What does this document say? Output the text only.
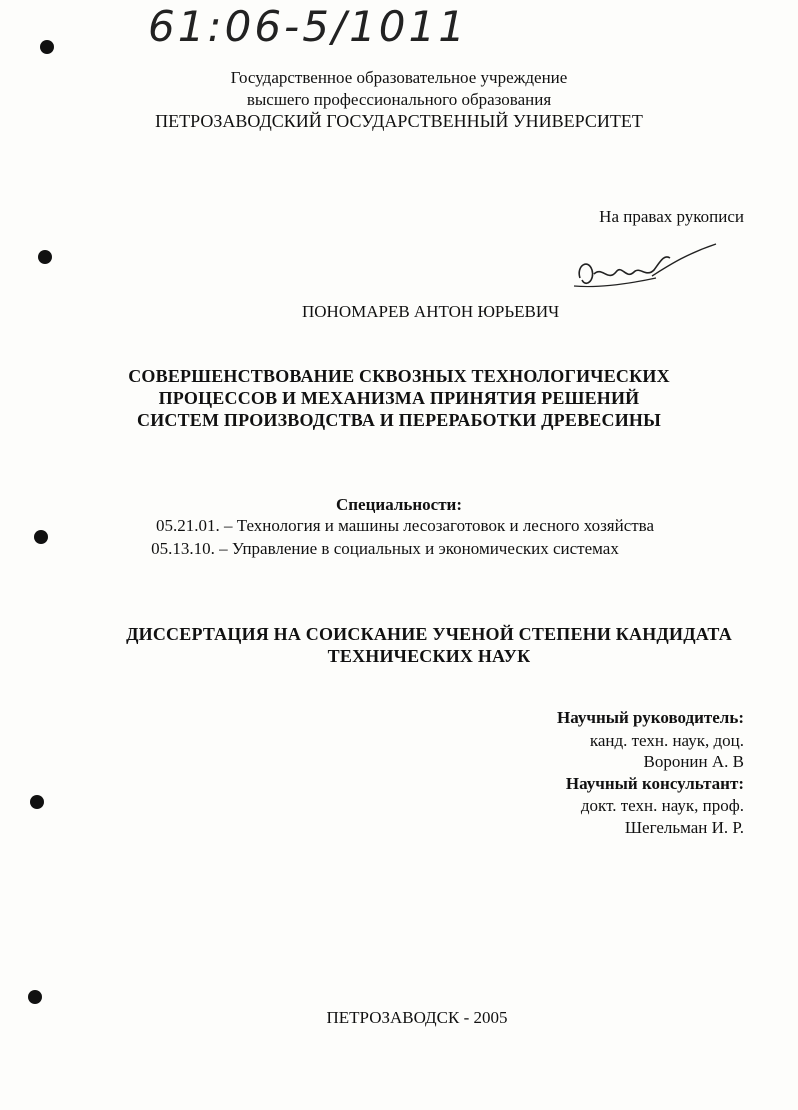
61:06-5/1011
Государственное образовательное учреждение
высшего профессионального образования
ПЕТРОЗАВОДСКИЙ ГОСУДАРСТВЕННЫЙ УНИВЕРСИТЕТ
На правах рукописи
ПОНОМАРЕВ АНТОН ЮРЬЕВИЧ
СОВЕРШЕНСТВОВАНИЕ СКВОЗНЫХ ТЕХНОЛОГИЧЕСКИХ
ПРОЦЕССОВ И МЕХАНИЗМА ПРИНЯТИЯ РЕШЕНИЙ
СИСТЕМ ПРОИЗВОДСТВА И ПЕРЕРАБОТКИ ДРЕВЕСИНЫ
Специальности:
05.21.01. – Технология и машины лесозаготовок и лесного хозяйства
05.13.10. – Управление в социальных и экономических системах
ДИССЕРТАЦИЯ НА СОИСКАНИЕ УЧЕНОЙ СТЕПЕНИ КАНДИДАТА
ТЕХНИЧЕСКИХ НАУК
Научный руководитель:
канд. техн. наук, доц.
Воронин А. В
Научный консультант:
докт. техн. наук, проф.
Шегельман И. Р.
ПЕТРОЗАВОДСК - 2005
